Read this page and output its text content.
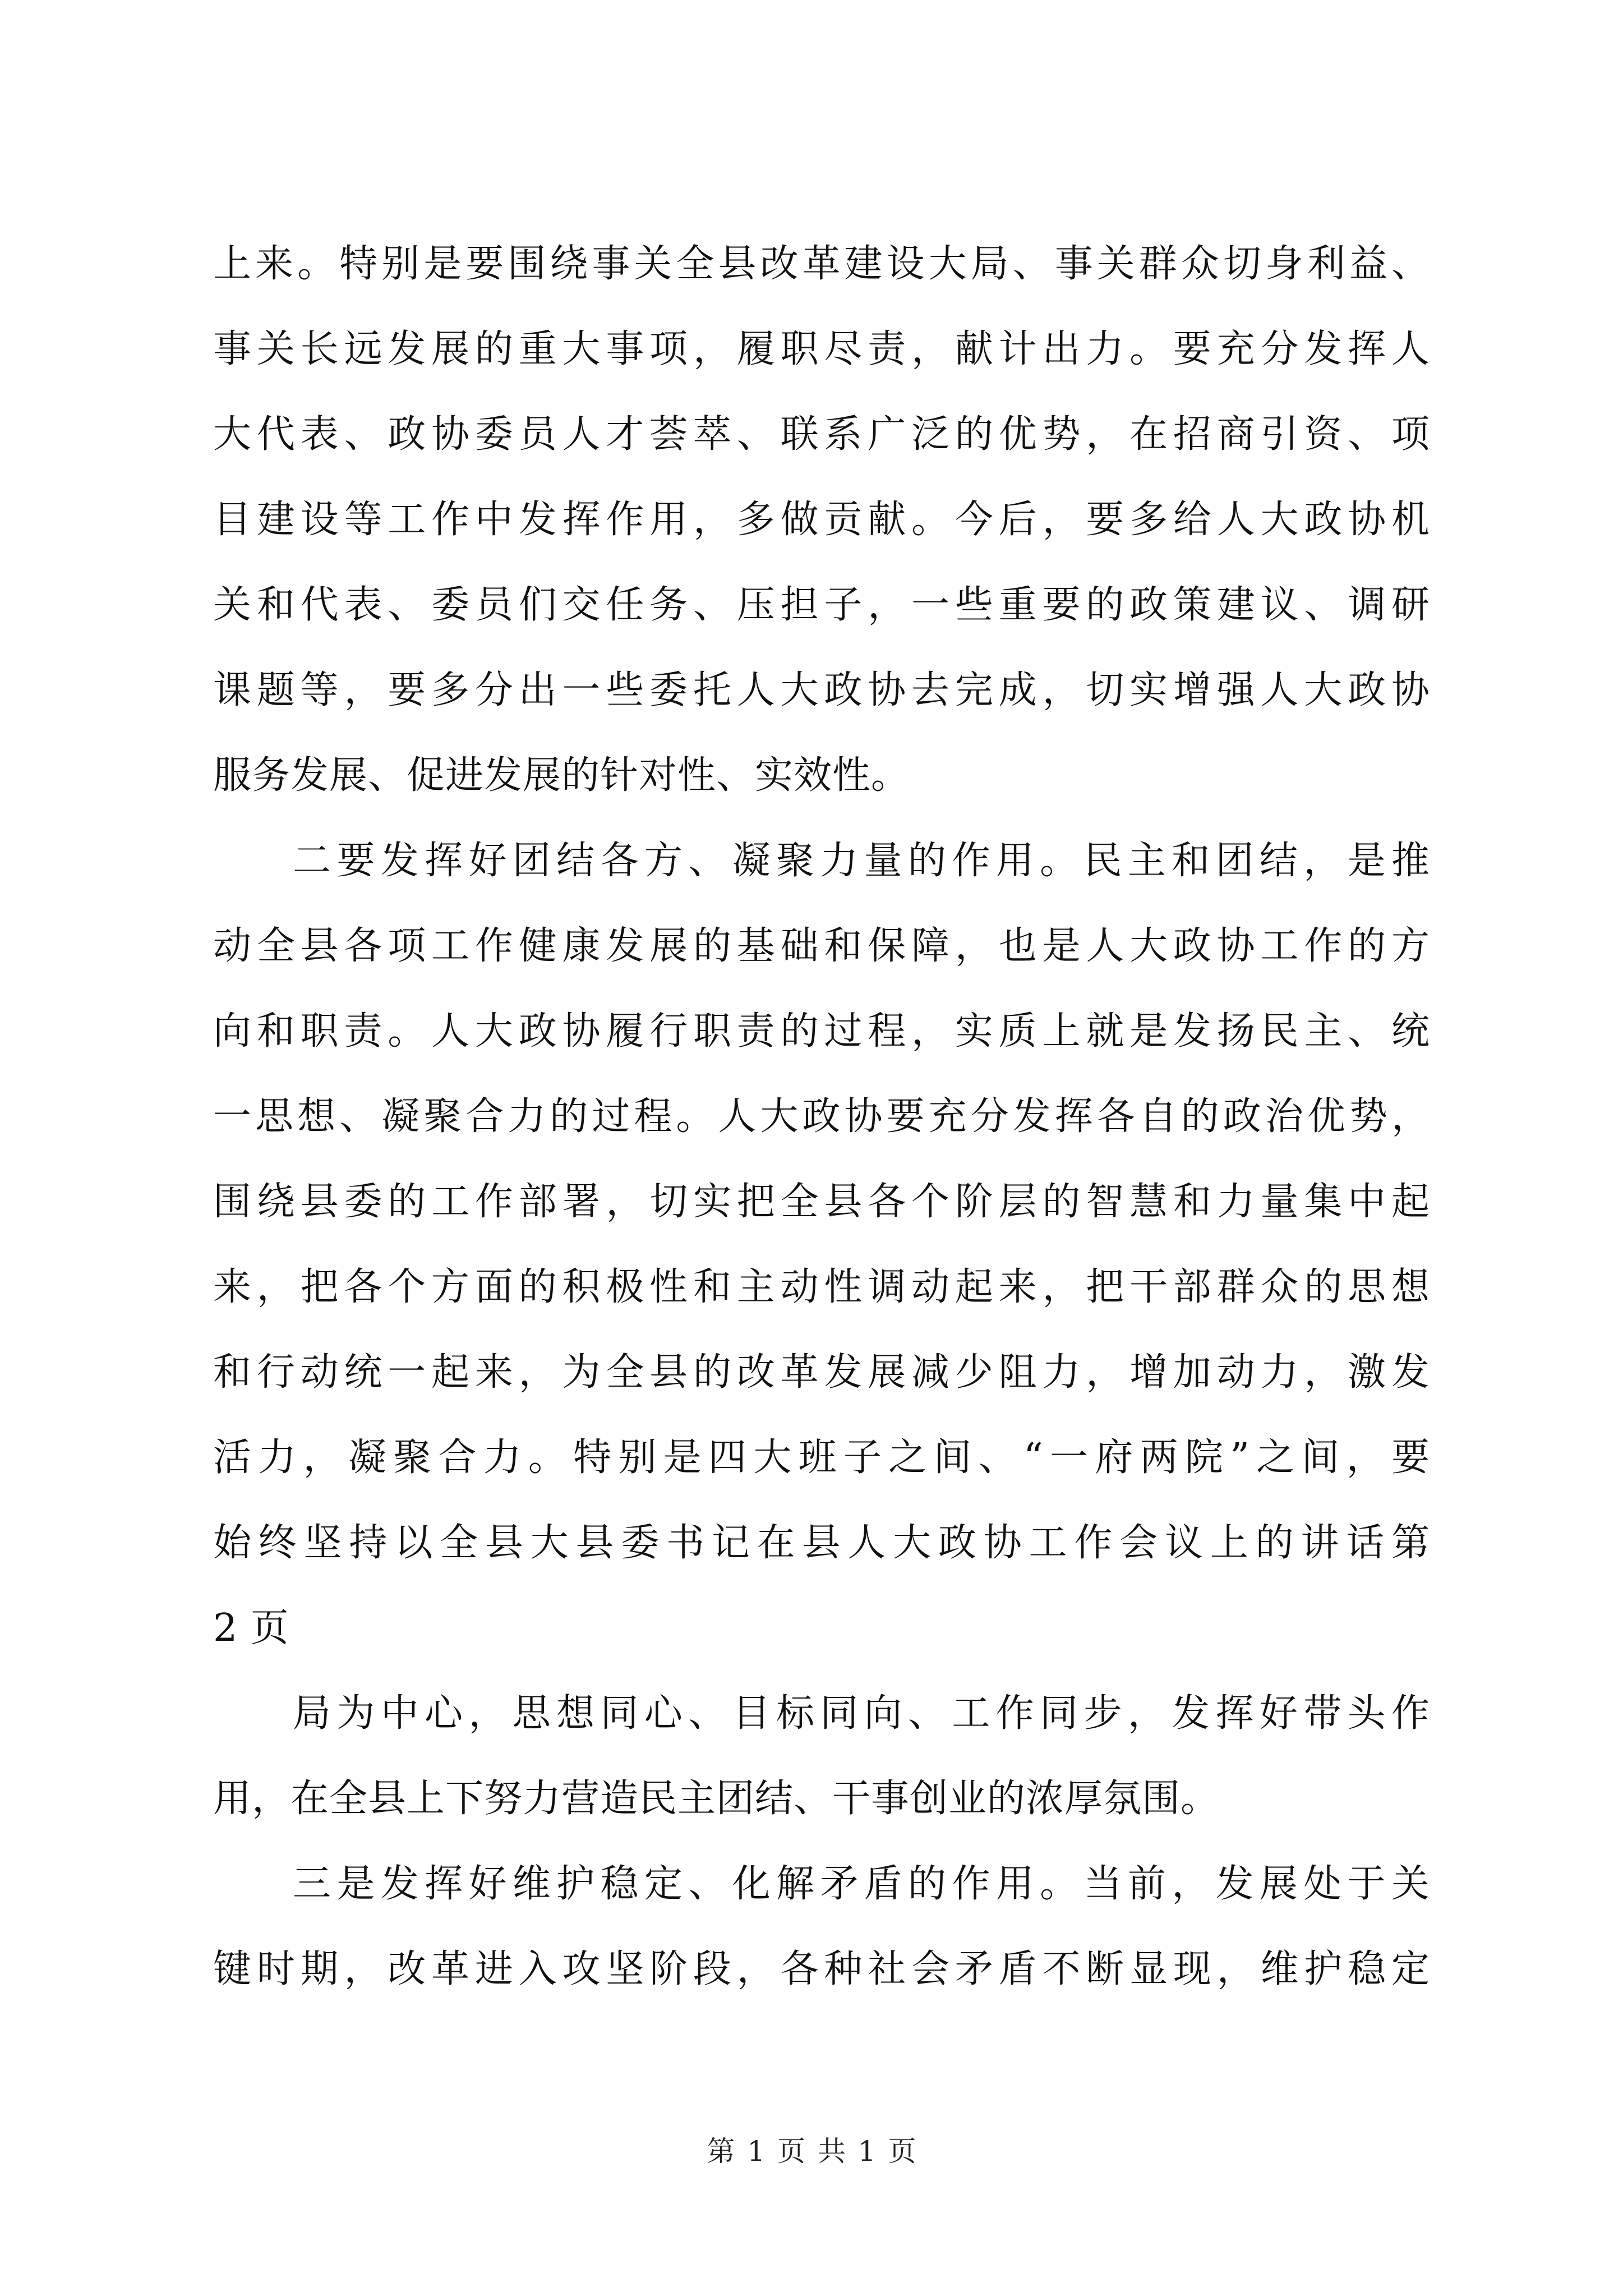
上来。特别是要围绕事关全县改革建设大局、事关群众切身利益、
事关长远发展的重大事项，履职尽责，献计出力。要充分发挥人
大代表、政协委员人才荟萃、联系广泛的优势，在招商引资、项
目建设等工作中发挥作用，多做贡献。今后，要多给人大政协机
关和代表、委员们交任务、压担子，一些重要的政策建议、调研
课题等，要多分出一些委托人大政协去完成，切实增强人大政协
服务发展、促进发展的针对性、实效性。
二要发挥好团结各方、凝聚力量的作用。民主和团结，是推
动全县各项工作健康发展的基础和保障，也是人大政协工作的方
向和职责。人大政协履行职责的过程，实质上就是发扬民主、统
一思想、凝聚合力的过程。人大政协要充分发挥各自的政治优势，
围绕县委的工作部署，切实把全县各个阶层的智慧和力量集中起
来，把各个方面的积极性和主动性调动起来，把干部群众的思想
和行动统一起来，为全县的改革发展减少阻力，增加动力，激发
活力，凝聚合力。特别是四大班子之间、“一府两院”之间，要
始终坚持以全县大县委书记在县人大政协工作会议上的讲话第
2 页
局为中心，思想同心、目标同向、工作同步，发挥好带头作
用，在全县上下努力营造民主团结、干事创业的浓厚氛围。
三是发挥好维护稳定、化解矛盾的作用。当前，发展处于关
键时期，改革进入攻坚阶段，各种社会矛盾不断显现，维护稳定
第 1 页 共 1 页
